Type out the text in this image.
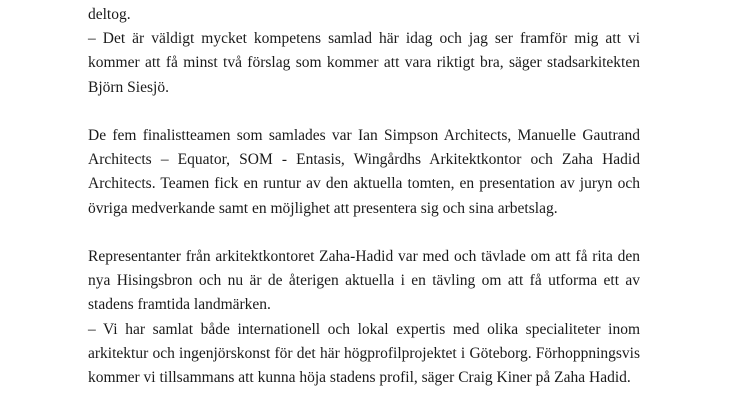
deltog.

– Det är väldigt mycket kompetens samlad här idag och jag ser framför mig att vi kommer att få minst två förslag som kommer att vara riktigt bra, säger stadsarkitekten Björn Siesjö.

De fem finalistteamen som samlades var Ian Simpson Architects, Manuelle Gautrand Architects – Equator, SOM - Entasis, Wingårdhs Arkitektkontor och Zaha Hadid Architects. Teamen fick en runtur av den aktuella tomten, en presentation av juryn och övriga medverkande samt en möjlighet att presentera sig och sina arbetslag.

Representanter från arkitektkontoret Zaha-Hadid var med och tävlade om att få rita den nya Hisingsbron och nu är de återigen aktuella i en tävling om att få utforma ett av stadens framtida landmärken.

– Vi har samlat både internationell och lokal expertis med olika specialiteter inom arkitektur och ingenjörskonst för det här högprofilprojektet i Göteborg. Förhoppningsvis kommer vi tillsammans att kunna höja stadens profil, säger Craig Kiner på Zaha Hadid.
